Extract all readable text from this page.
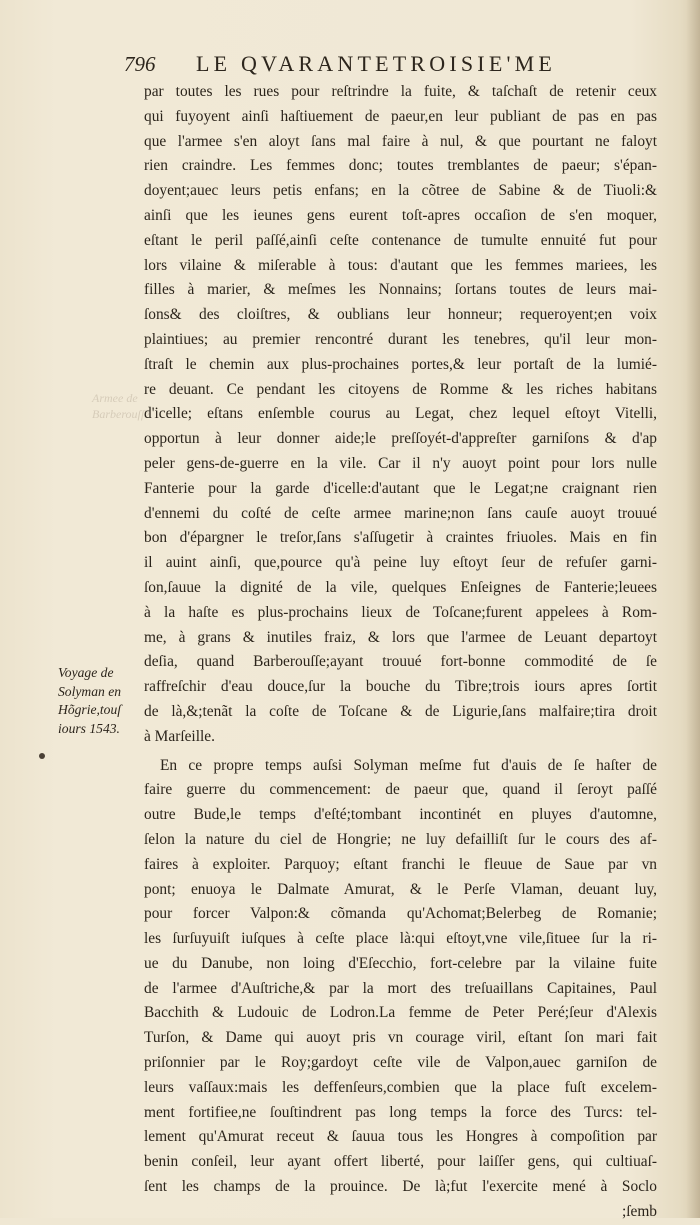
796 LE QVARANTETROISIE'ME
Armee de
Barberouſſe
par toutes les rues pour reſtrindre la fuite, & taſchaſt de retenir ceux
qui fuyoyent ainſi haſtiuement de paeur,en leur publiant de pas en pas
que l'armee s'en aloyt ſans mal faire à nul, & que pourtant ne faloyt
rien craindre. Les femmes donc; toutes tremblantes de paeur; s'épan-
doyent;auec leurs petis enfans; en la cõtree de Sabine & de Tiuoli:&
ainſi que les ieunes gens eurent toſt-apres occaſion de s'en moquer,
eſtant le peril paſſé,ainſi ceſte contenance de tumulte ennuité fut pour
lors vilaine & miſerable à tous: d'autant que les femmes mariees, les
filles à marier, & meſmes les Nonnains; ſortans toutes de leurs mai-
ſons& des cloiſtres, & oublians leur honneur; requeroyent;en voix
plaintiues; au premier rencontré durant les tenebres, qu'il leur mon-
ſtraſt le chemin aux plus-prochaines portes,& leur portaſt de la lumié-
re deuant. Ce pendant les citoyens de Romme & les riches habitans
d'icelle; eſtans enſemble courus au Legat, chez lequel eſtoyt Vitelli,
opportun à leur donner aide;le preſſoyét-d'appreſter garniſons & d'ap
peler gens-de-guerre en la vile. Car il n'y auoyt point pour lors nulle
Fanterie pour la garde d'icelle:d'autant que le Legat;ne craignant rien
d'ennemi du coſté de ceſte armee marine;non ſans cauſe auoyt trouué
bon d'épargner le treſor,ſans s'aſſugetir à craintes friuoles. Mais en fin
il auint ainſi, que,pource qu'à peine luy eſtoyt ſeur de refuſer garni-
ſon,ſauue la dignité de la vile, quelques Enſeignes de Fanterie;leuees
à la haſte es plus-prochains lieux de Toſcane;furent appelees à Rom-
me, à grans & inutiles fraiz, & lors que l'armee de Leuant departoyt
deſia, quand Barberouſſe;ayant trouué fort-bonne commodité de ſe
raffreſchir d'eau douce,ſur la bouche du Tibre;trois iours apres ſortit
de là,&;tenãt la coſte de Toſcane & de Ligurie,ſans malfaire;tira droit
à Marſeille.
En ce propre temps auſsi Solyman meſme fut d'auis de ſe haſter de
faire guerre du commencement: de paeur que, quand il ſeroyt paſſé
outre Bude,le temps d'eſté;tombant incontinét en pluyes d'automne,
ſelon la nature du ciel de Hongrie; ne luy defailliſt ſur le cours des af-
faires à exploiter. Parquoy; eſtant franchi le fleuue de Saue par vn
pont; enuoya le Dalmate Amurat, & le Perſe Vlaman, deuant luy,
pour forcer Valpon:& cõmanda qu'Achomat;Belerbeg de Romanie;
les ſurſuyuiſt iuſques à ceſte place là:qui eſtoyt,vne vile,ſituee ſur la ri-
ue du Danube, non loing d'Eſecchio, fort-celebre par la vilaine fuite
de l'armee d'Auſtriche,& par la mort des treſuaillans Capitaines, Paul
Bacchith & Ludouic de Lodron.La femme de Peter Peré;ſeur d'Alexis
Turſon, & Dame qui auoyt pris vn courage viril, eſtant ſon mari fait
priſonnier par le Roy;gardoyt ceſte vile de Valpon,auec garniſon de
leurs vaſſaux:mais les deffenſeurs,combien que la place fuſt excelem-
ment fortifiee,ne ſouſtindrent pas long temps la force des Turcs: tel-
lement qu'Amurat receut & ſauua tous les Hongres à compoſition par
benin conſeil, leur ayant offert liberté, pour laiſſer gens, qui cultiuaſ-
ſent les champs de la prouince. De là;fut l'exercite mené à Soclo
;ſemb
Voyage de
Solyman en
Hõgrie,touſ
iours 1543.
